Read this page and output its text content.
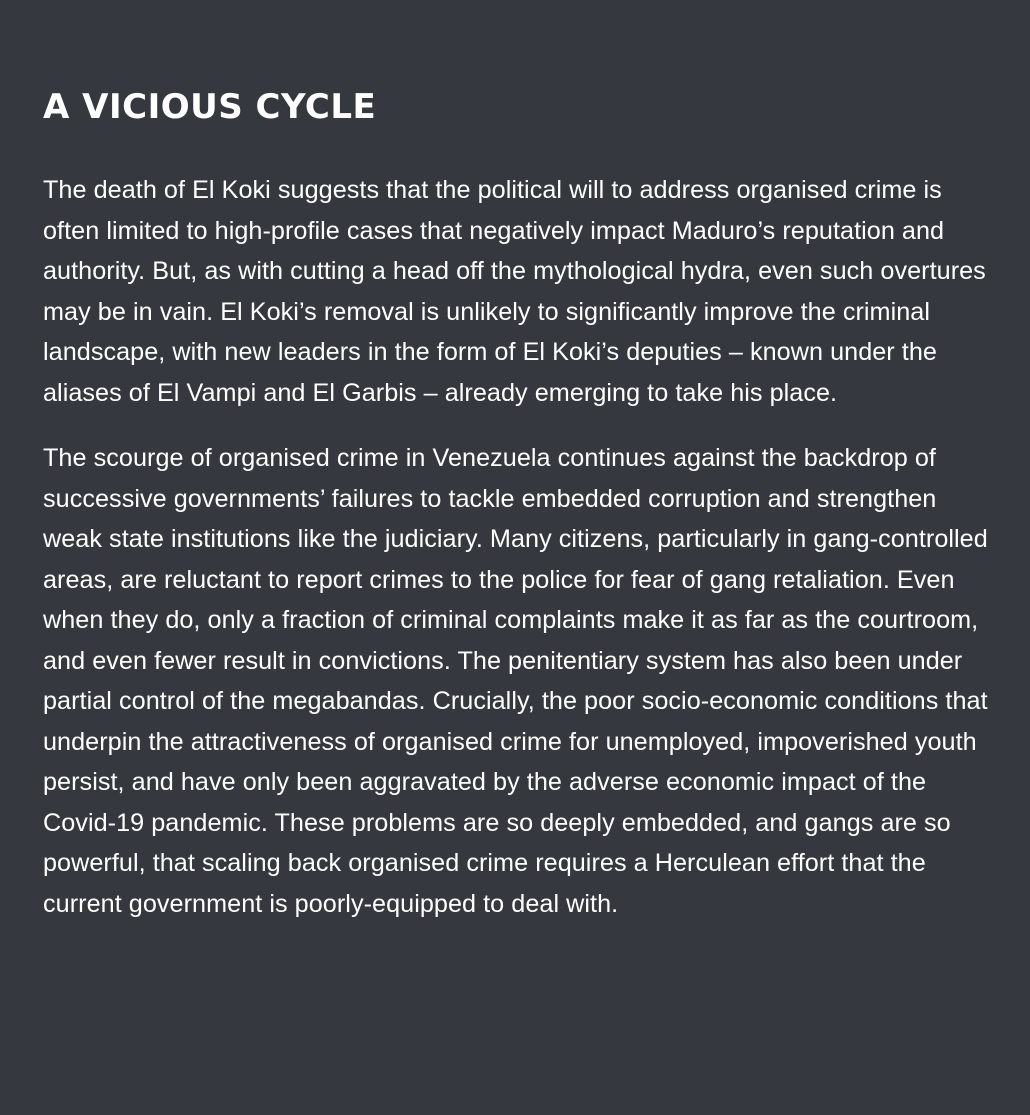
A VICIOUS CYCLE

The death of El Koki suggests that the political will to address organised crime is often limited to high-profile cases that negatively impact Maduro’s reputation and authority. But, as with cutting a head off the mythological hydra, even such overtures may be in vain. El Koki’s removal is unlikely to significantly improve the criminal landscape, with new leaders in the form of El Koki’s deputies – known under the aliases of El Vampi and El Garbis – already emerging to take his place.

The scourge of organised crime in Venezuela continues against the backdrop of successive governments’ failures to tackle embedded corruption and strengthen weak state institutions like the judiciary. Many citizens, particularly in gang-controlled areas, are reluctant to report crimes to the police for fear of gang retaliation. Even when they do, only a fraction of criminal complaints make it as far as the courtroom, and even fewer result in convictions. The penitentiary system has also been under partial control of the megabandas. Crucially, the poor socio-economic conditions that underpin the attractiveness of organised crime for unemployed, impoverished youth persist, and have only been aggravated by the adverse economic impact of the Covid-19 pandemic. These problems are so deeply embedded, and gangs are so powerful, that scaling back organised crime requires a Herculean effort that the current government is poorly-equipped to deal with.
